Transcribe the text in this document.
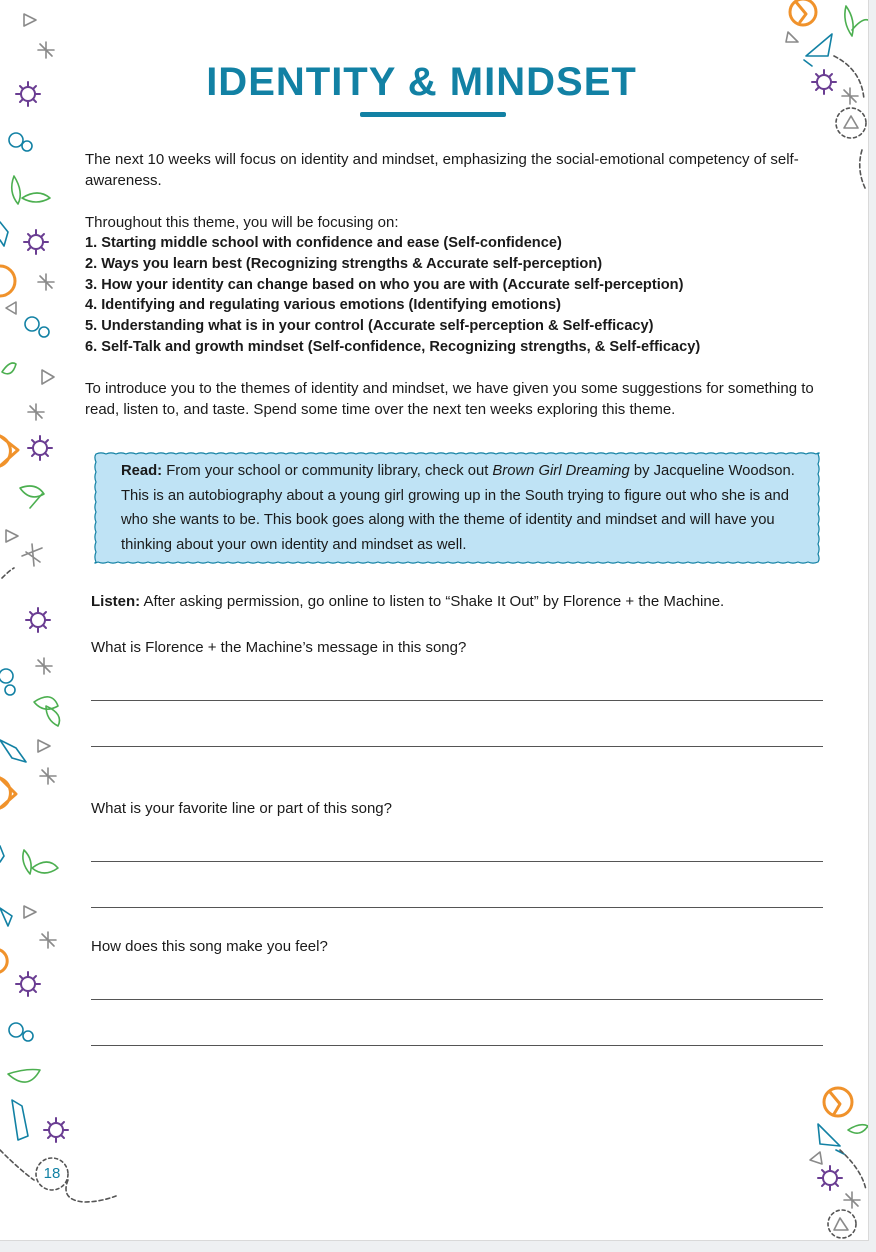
IDENTITY & MINDSET
The next 10 weeks will focus on identity and mindset, emphasizing the social-emotional competency of self-awareness.
Throughout this theme, you will be focusing on:
1. Starting middle school with confidence and ease (Self-confidence)
2. Ways you learn best (Recognizing strengths & Accurate self-perception)
3. How your identity can change based on who you are with (Accurate self-perception)
4. Identifying and regulating various emotions (Identifying emotions)
5. Understanding what is in your control (Accurate self-perception & Self-efficacy)
6. Self-Talk and growth mindset (Self-confidence, Recognizing strengths, & Self-efficacy)
To introduce you to the themes of identity and mindset, we have given you some suggestions for something to read, listen to, and taste. Spend some time over the next ten weeks exploring this theme.
Read: From your school or community library, check out Brown Girl Dreaming by Jacqueline Woodson. This is an autobiography about a young girl growing up in the South trying to figure out who she is and who she wants to be. This book goes along with the theme of identity and mindset and will have you thinking about your own identity and mindset as well.
Listen: After asking permission, go online to listen to “Shake It Out” by Florence + the Machine.
What is Florence + the Machine’s message in this song?
What is your favorite line or part of this song?
How does this song make you feel?
18
